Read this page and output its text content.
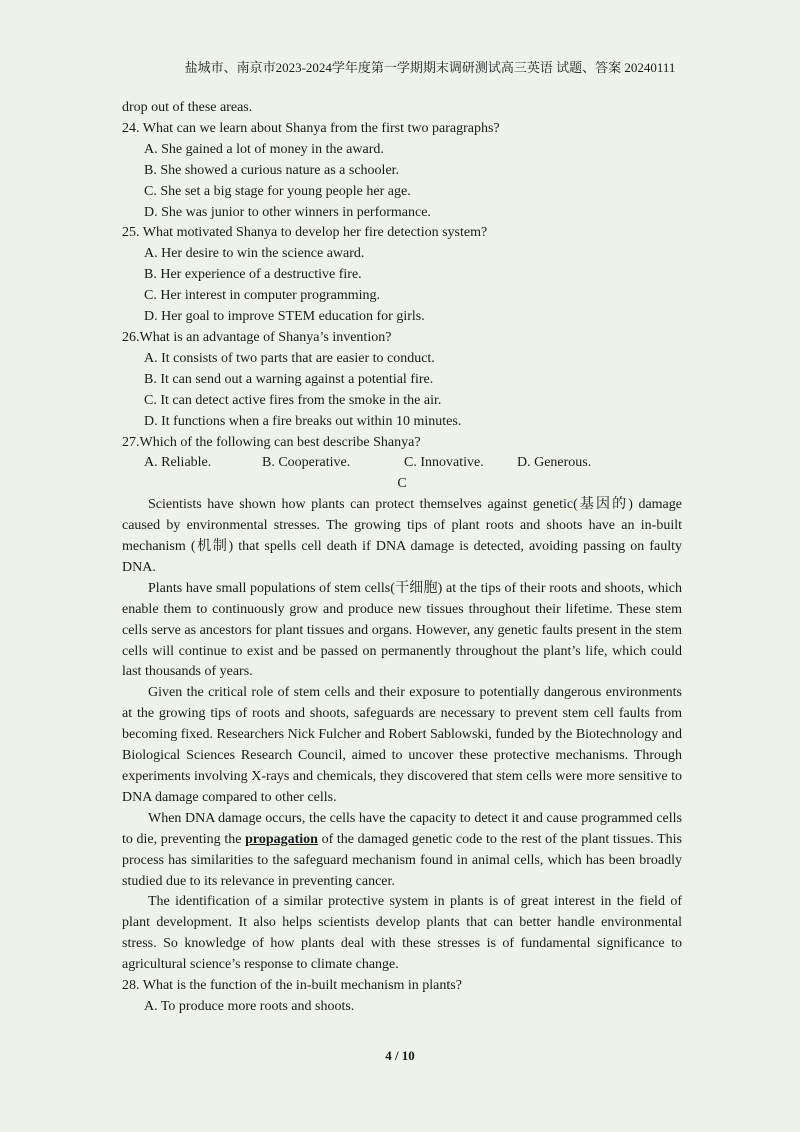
盐城市、南京市2023-2024学年度第一学期期末调研测试高三英语 试题、答案 20240111
drop out of these areas.
24. What can we learn about Shanya from the first two paragraphs?
A. She gained a lot of money in the award.
B. She showed a curious nature as a schooler.
C. She set a big stage for young people her age.
D. She was junior to other winners in performance.
25. What motivated Shanya to develop her fire detection system?
A. Her desire to win the science award.
B. Her experience of a destructive fire.
C. Her interest in computer programming.
D. Her goal to improve STEM education for girls.
26.What is an advantage of Shanya’s invention?
A. It consists of two parts that are easier to conduct.
B. It can send out a warning against a potential fire.
C. It can detect active fires from the smoke in the air.
D. It functions when a fire breaks out within 10 minutes.
27.Which of the following can best describe Shanya?
A. Reliable.	B. Cooperative.	C. Innovative.	D. Generous.
C

Scientists have shown how plants can protect themselves against genetic(基因的) damage caused by environmental stresses. The growing tips of plant roots and shoots have an in-built mechanism (机制) that spells cell death if DNA damage is detected, avoiding passing on faulty DNA.

Plants have small populations of stem cells(干细胞) at the tips of their roots and shoots, which enable them to continuously grow and produce new tissues throughout their lifetime. These stem cells serve as ancestors for plant tissues and organs. However, any genetic faults present in the stem cells will continue to exist and be passed on permanently throughout the plant’s life, which could last thousands of years.

Given the critical role of stem cells and their exposure to potentially dangerous environments at the growing tips of roots and shoots, safeguards are necessary to prevent stem cell faults from becoming fixed. Researchers Nick Fulcher and Robert Sablowski, funded by the Biotechnology and Biological Sciences Research Council, aimed to uncover these protective mechanisms. Through experiments involving X-rays and chemicals, they discovered that stem cells were more sensitive to DNA damage compared to other cells.

When DNA damage occurs, the cells have the capacity to detect it and cause programmed cells to die, preventing the propagation of the damaged genetic code to the rest of the plant tissues. This process has similarities to the safeguard mechanism found in animal cells, which has been broadly studied due to its relevance in preventing cancer.

The identification of a similar protective system in plants is of great interest in the field of plant development. It also helps scientists develop plants that can better handle environmental stress. So knowledge of how plants deal with these stresses is of fundamental significance to agricultural science’s response to climate change.

28. What is the function of the in-built mechanism in plants?
A. To produce more roots and shoots.
4 / 10
